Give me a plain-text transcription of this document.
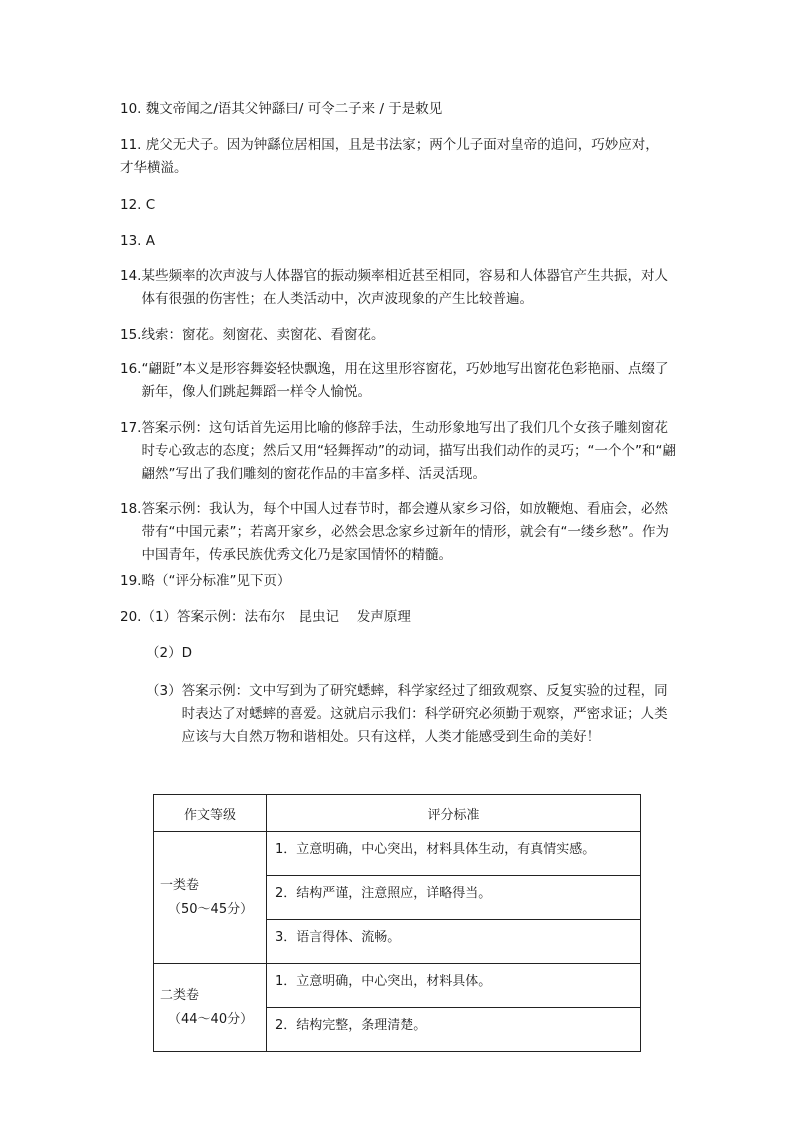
10. 魏文帝闻之/语其父钟繇曰/ 可令二子来 / 于是敕见
11. 虎父无犬子。因为钟繇位居相国，且是书法家；两个儿子面对皇帝的追问，巧妙应对，才华横溢。
12. C
13. A
14. 某些频率的次声波与人体器官的振动频率相近甚至相同，容易和人体器官产生共振，对人体有很强的伤害性；在人类活动中，次声波现象的产生比较普遍。
15.线索：窗花。刻窗花、卖窗花、看窗花。
16. “翩跹”本义是形容舞姿轻快飘逸，用在这里形容窗花，巧妙地写出窗花色彩艳丽、点缀了新年，像人们跳起舞蹈一样令人愉悦。
17. 答案示例：这句话首先运用比喻的修辞手法，生动形象地写出了我们几个女孩子雕刻窗花时专心致志的态度；然后又用“轻舞挥动”的动词，描写出我们动作的灵巧；“一个个”和“翩翩然”写出了我们雕刻的窗花作品的丰富多样、活灵活现。
18. 答案示例：我认为，每个中国人过春节时，都会遵从家乡习俗，如放鞭炮、看庙会，必然带有“中国元素”；若离开家乡，必然会思念家乡过新年的情形，就会有“一缕乡愁”。作为中国青年，传承民族优秀文化乃是家国情怀的精髓。
19.略（“评分标准”见下页）
20.（1）答案示例：法布尔　昆虫记　 发声原理
（2）D
（3） 答案示例：文中写到为了研究蟋蟀，科学家经过了细致观察、反复实验的过程，同时表达了对蟋蟀的喜爱。这就启示我们：科学研究必须勤于观察，严密求证；人类应该与大自然万物和谐相处。只有这样，人类才能感受到生命的美好！
作文等级	评分标准
一类卷
（50～45分）	1．立意明确，中心突出，材料具体生动，有真情实感。
	2．结构严谨，注意照应，详略得当。
	3．语言得体、流畅。
二类卷
（44～40分）	1．立意明确，中心突出，材料具体。
	2．结构完整，条理清楚。
